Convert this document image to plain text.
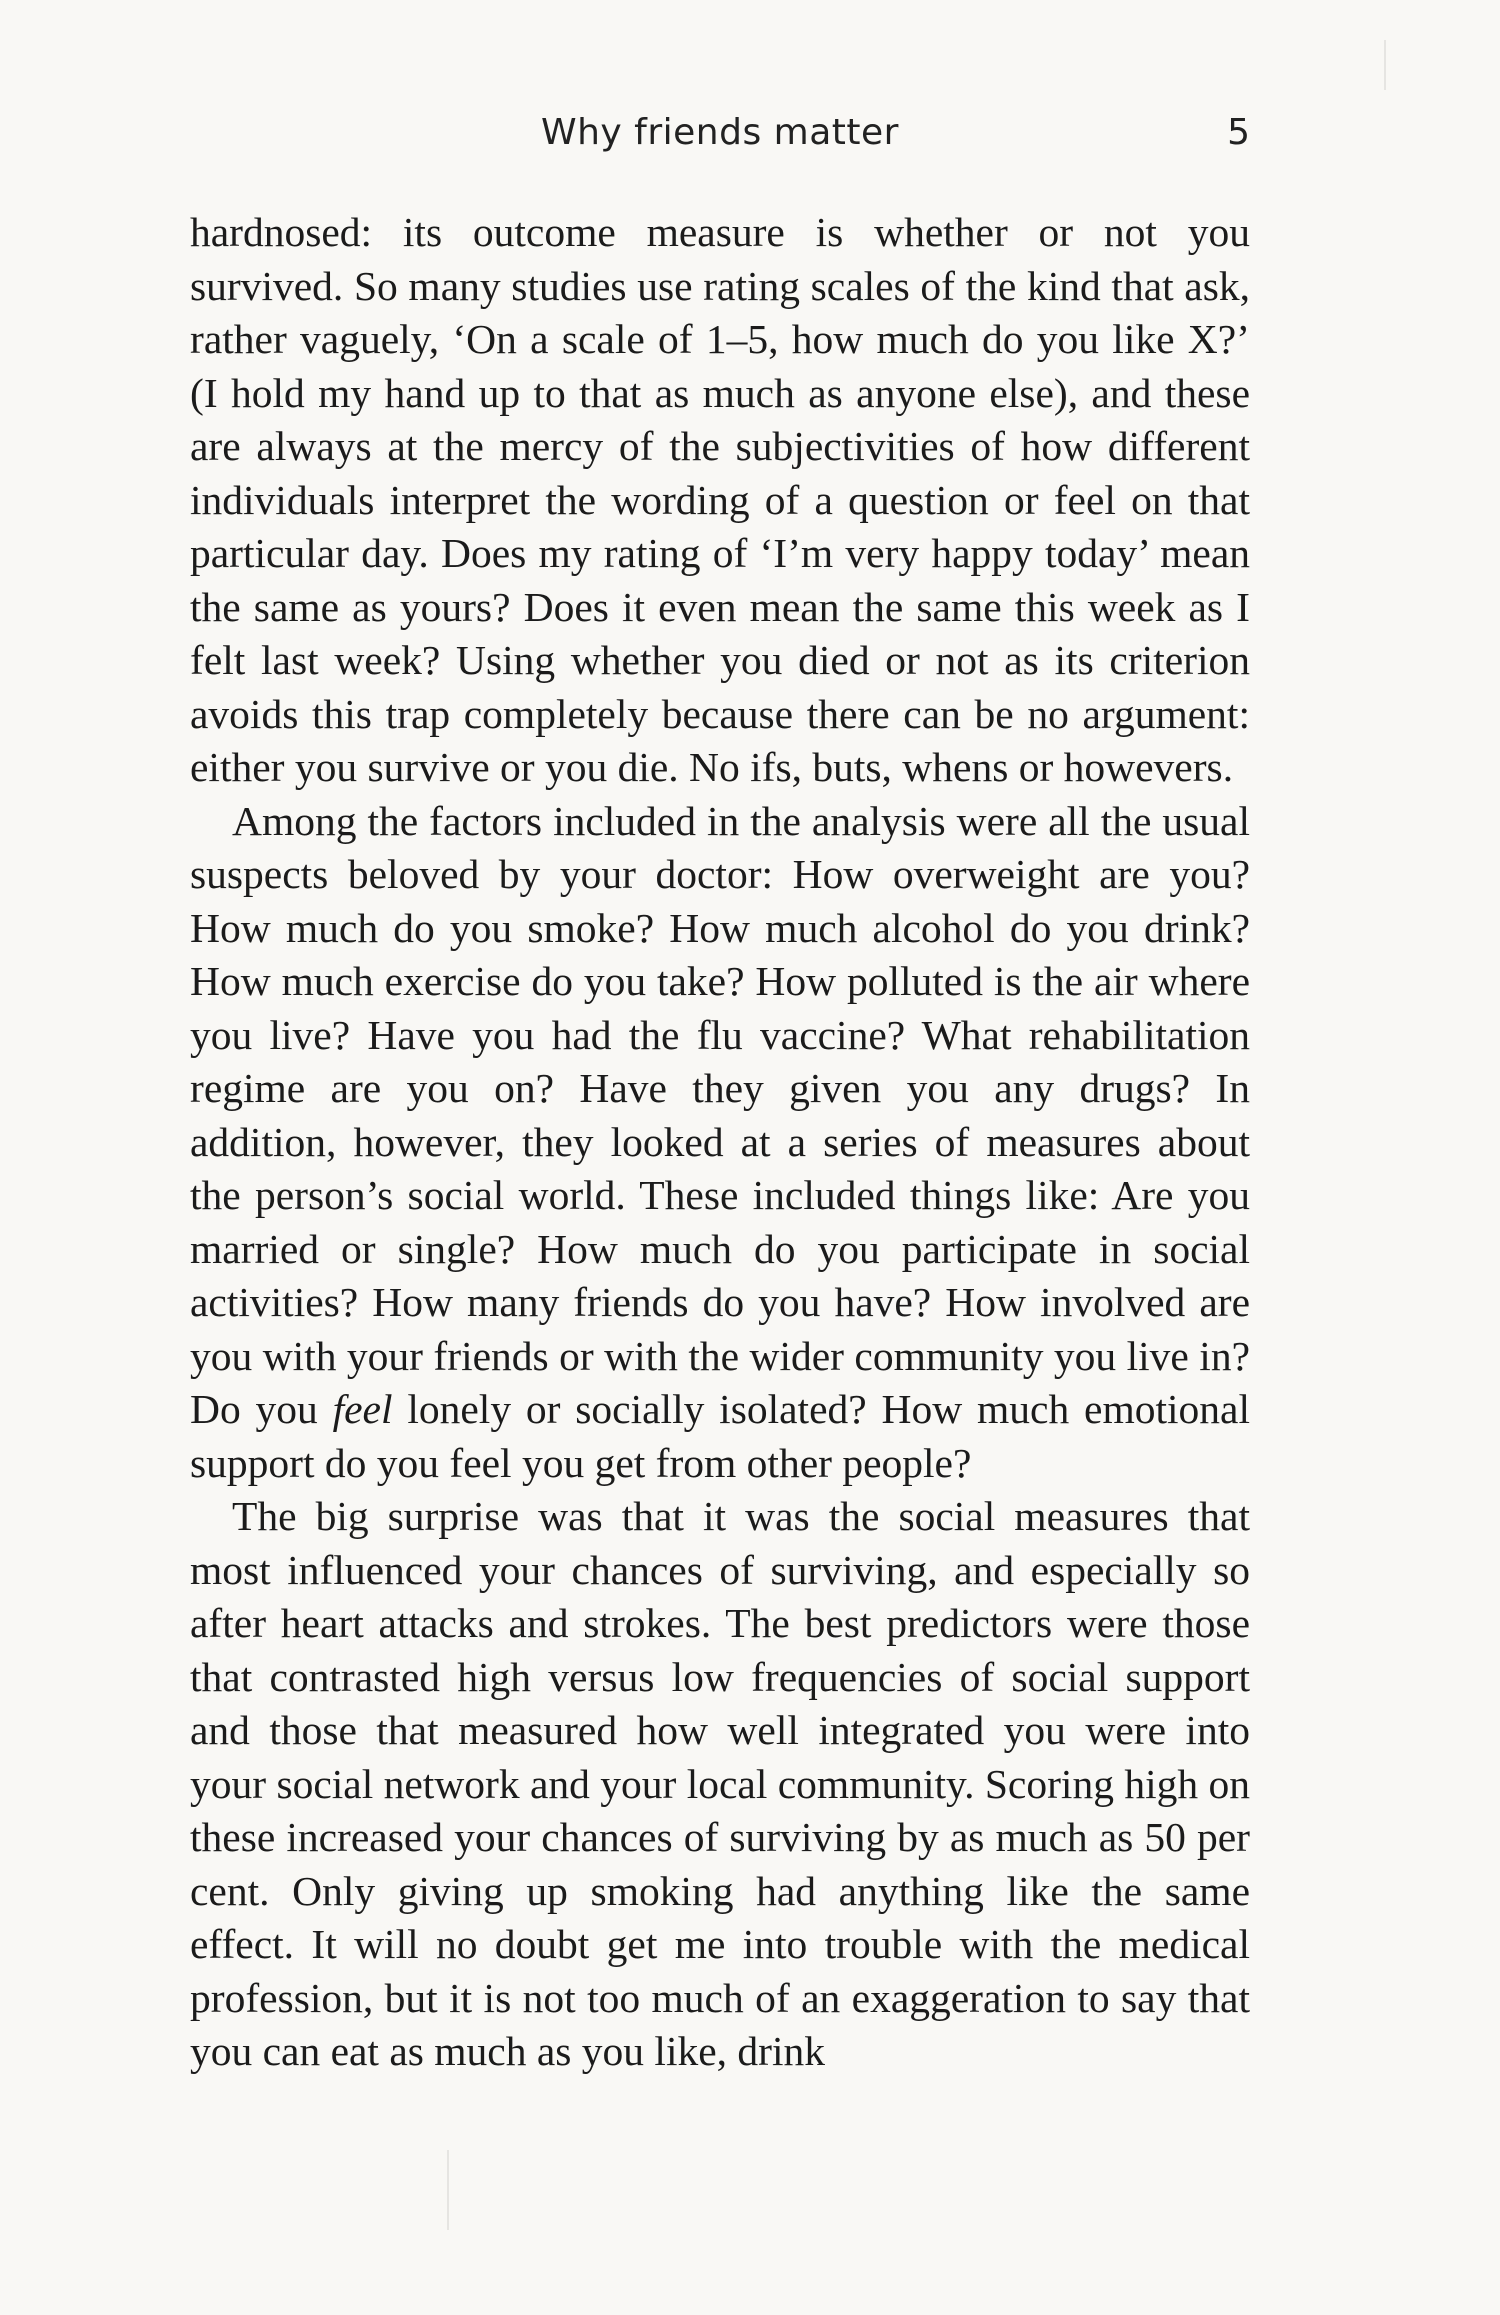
Why friends matter	5

hardnosed: its outcome measure is whether or not you survived. So many studies use rating scales of the kind that ask, rather vaguely, ‘On a scale of 1–5, how much do you like X?’ (I hold my hand up to that as much as anyone else), and these are always at the mercy of the subjectivities of how different individuals interpret the wording of a question or feel on that particular day. Does my rating of ‘I’m very happy today’ mean the same as yours? Does it even mean the same this week as I felt last week? Using whether you died or not as its criterion avoids this trap completely because there can be no argument: either you survive or you die. No ifs, buts, whens or howevers.

Among the factors included in the analysis were all the usual suspects beloved by your doctor: How overweight are you? How much do you smoke? How much alcohol do you drink? How much exercise do you take? How polluted is the air where you live? Have you had the flu vaccine? What rehabilitation regime are you on? Have they given you any drugs? In addition, however, they looked at a series of measures about the person’s social world. These included things like: Are you married or single? How much do you participate in social activities? How many friends do you have? How involved are you with your friends or with the wider community you live in? Do you feel lonely or socially isolated? How much emotional support do you feel you get from other people?

The big surprise was that it was the social measures that most influenced your chances of surviving, and especially so after heart attacks and strokes. The best predictors were those that contrasted high versus low frequencies of social support and those that measured how well integrated you were into your social network and your local community. Scoring high on these increased your chances of surviving by as much as 50 per cent. Only giving up smoking had anything like the same effect. It will no doubt get me into trouble with the medical profession, but it is not too much of an exaggeration to say that you can eat as much as you like, drink
